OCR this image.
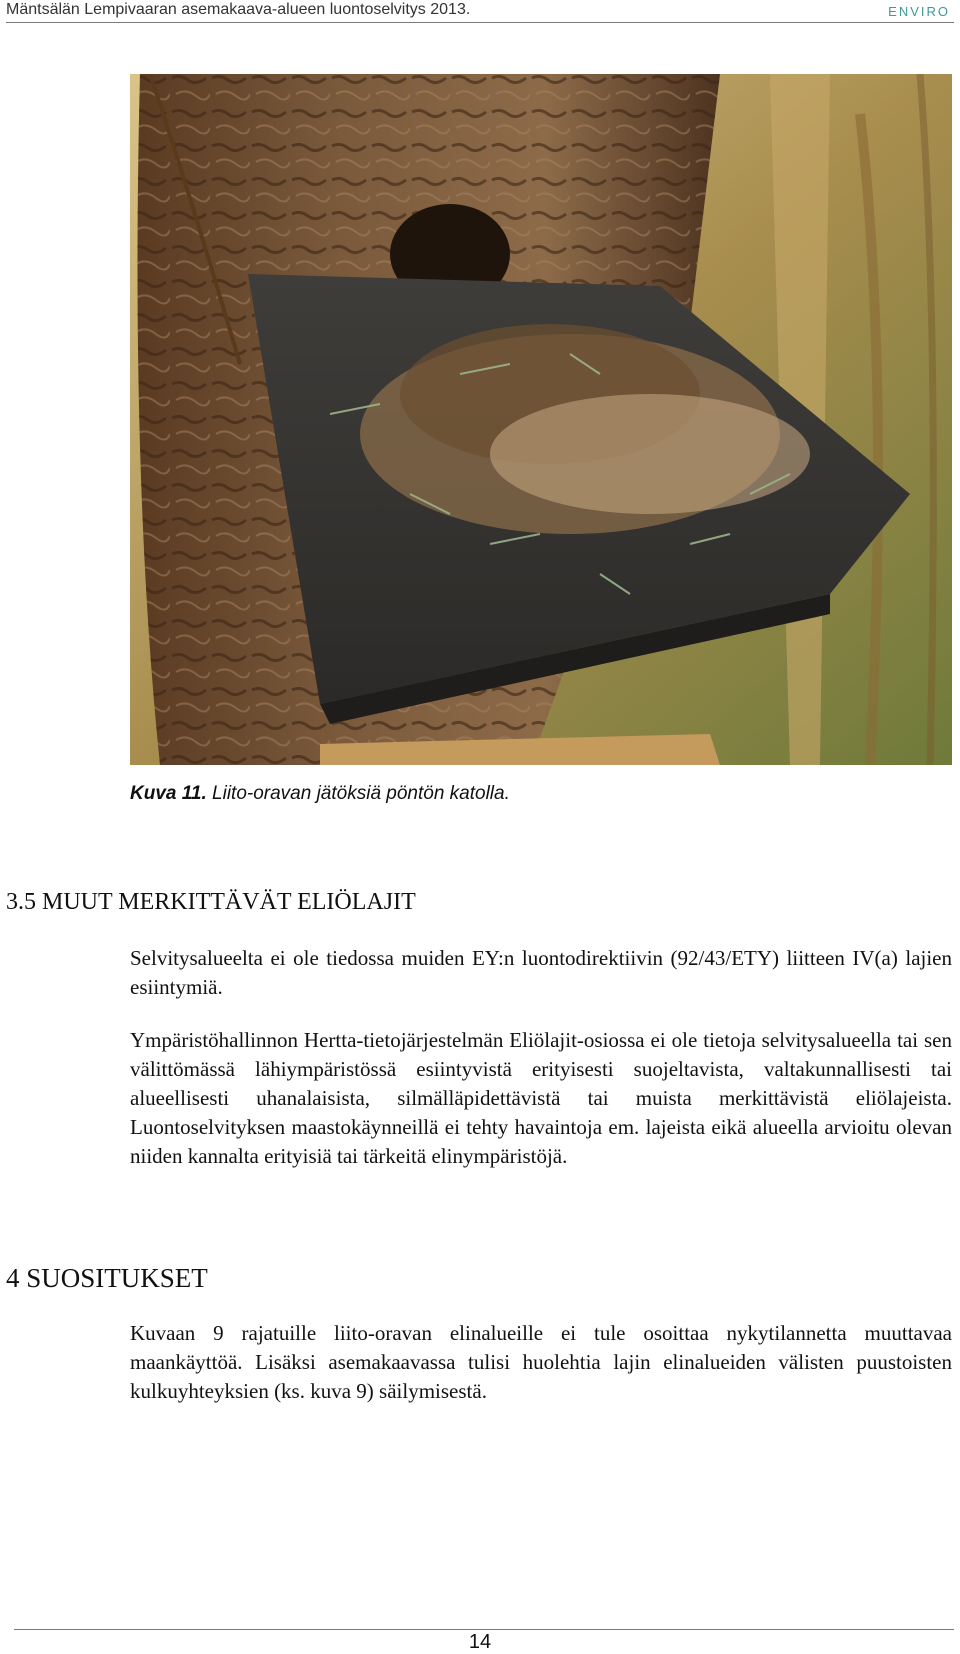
Mäntsälän Lempivaaran asemakaava-alueen luontoselvitys 2013.	enviro
Kuva 11. Liito-oravan jätöksiä pöntön katolla.
3.5 MUUT MERKITTÄVÄT ELIÖLAJIT
Selvitysalueelta ei ole tiedossa muiden EY:n luontodirektiivin (92/43/ETY) liitteen IV(a) lajien esiintymiä.
Ympäristöhallinnon Hertta-tietojärjestelmän Eliölajit-osiossa ei ole tietoja selvitysalueella tai sen välittömässä lähiympäristössä esiintyvistä erityisesti suojeltavista, valtakunnallisesti tai alueellisesti uhanalaisista, silmälläpidettävistä tai muista merkittävistä eliölajeista. Luontoselvityksen maastokäynneillä ei tehty havaintoja em. lajeista eikä alueella arvioitu olevan niiden kannalta erityisiä tai tärkeitä elinympäristöjä.
4 SUOSITUKSET
Kuvaan 9 rajatuille liito-oravan elinalueille ei tule osoittaa nykytilannetta muuttavaa maankäyttöä. Lisäksi asemakaavassa tulisi huolehtia lajin elinalueiden välisten puustoisten kulkuyhteyksien (ks. kuva 9) säilymisestä.
14
